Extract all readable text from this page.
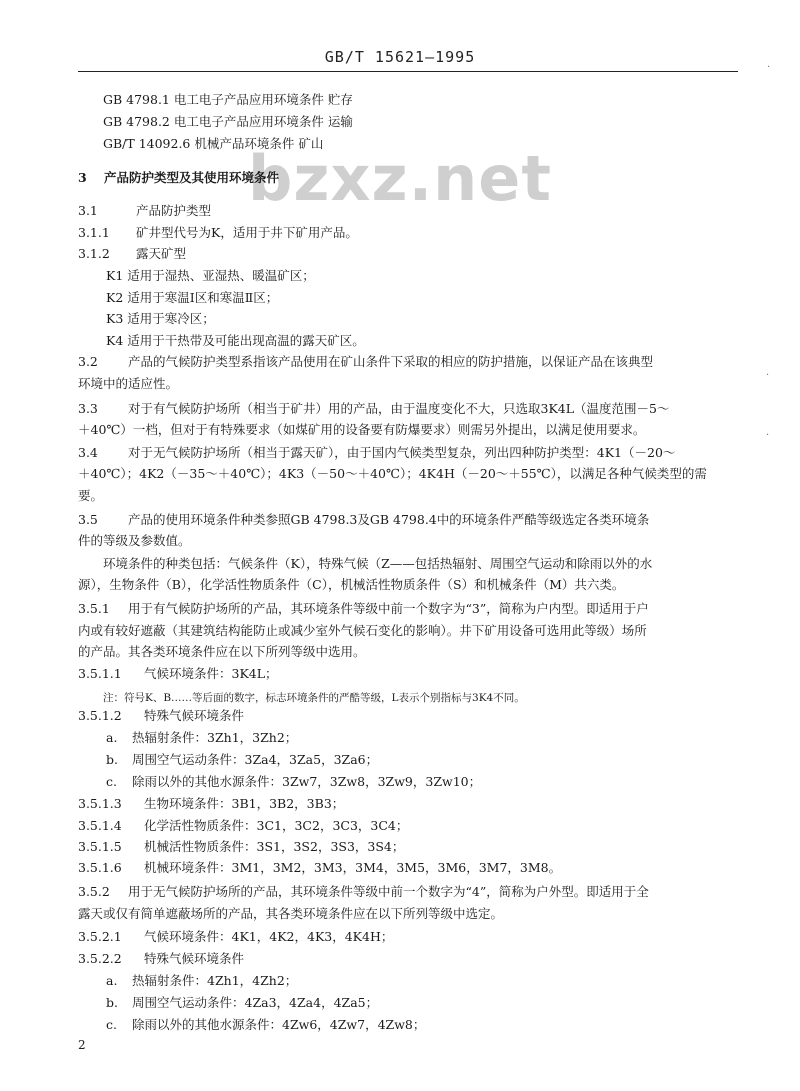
GB/T 15621—1995
bzxz.net
GB 4798.1 电工电子产品应用环境条件 贮存
GB 4798.2 电工电子产品应用环境条件 运输
GB/T 14092.6 机械产品环境条件 矿山
3 产品防护类型及其使用环境条件
3.1	产品防护类型
3.1.1 矿井型代号为K，适用于井下矿用产品。
3.1.2 露天矿型
K1 适用于湿热、亚湿热、暖温矿区；
K2 适用于寒温Ⅰ区和寒温Ⅱ区；
K3 适用于寒冷区；
K4 适用于干热带及可能出现高温的露天矿区。
3.2 产品的气候防护类型系指该产品使用在矿山条件下采取的相应的防护措施，以保证产品在该典型
环境中的适应性。
3.3 对于有气候防护场所（相当于矿井）用的产品，由于温度变化不大，只选取3K4L（温度范围－5～
＋40℃）一档，但对于有特殊要求（如煤矿用的设备要有防爆要求）则需另外提出，以满足使用要求。
3.4 对于无气候防护场所（相当于露天矿），由于国内气候类型复杂，列出四种防护类型：4K1（－20～
＋40℃）；4K2（－35～＋40℃）；4K3（－50～＋40℃）；4K4H（－20～＋55℃），以满足各种气候类型的需
要。
3.5 产品的使用环境条件种类参照GB 4798.3及GB 4798.4中的环境条件严酷等级选定各类环境条
件的等级及参数值。
环境条件的种类包括：气候条件（K），特殊气候（Z——包括热辐射、周围空气运动和除雨以外的水
源），生物条件（B），化学活性物质条件（C），机械活性物质条件（S）和机械条件（M）共六类。
3.5.1 用于有气候防护场所的产品，其环境条件等级中前一个数字为“3”，简称为户内型。即适用于户
内或有较好遮蔽（其建筑结构能防止或减少室外气候石变化的影响）。井下矿用设备可选用此等级）场所
的产品。其各类环境条件应在以下所列等级中选用。
3.5.1.1 气候环境条件：3K4L；
注：符号K、B……等后面的数字，标志环境条件的严酷等级，L表示个别指标与3K4不同。
3.5.1.2 特殊气候环境条件
a. 热辐射条件：3Zh1，3Zh2；
b. 周围空气运动条件：3Za4，3Za5，3Za6；
c. 除雨以外的其他水源条件：3Zw7，3Zw8，3Zw9，3Zw10；
3.5.1.3 生物环境条件：3B1，3B2，3B3；
3.5.1.4 化学活性物质条件：3C1，3C2，3C3，3C4；
3.5.1.5 机械活性物质条件：3S1，3S2，3S3，3S4；
3.5.1.6 机械环境条件：3M1，3M2，3M3，3M4，3M5，3M6，3M7，3M8。
3.5.2 用于无气候防护场所的产品，其环境条件等级中前一个数字为“4”，简称为户外型。即适用于全
露天或仅有简单遮蔽场所的产品，其各类环境条件应在以下所列等级中选定。
3.5.2.1 气候环境条件：4K1，4K2，4K3，4K4H；
3.5.2.2 特殊气候环境条件
a. 热辐射条件：4Zh1，4Zh2；
b. 周围空气运动条件：4Za3，4Za4，4Za5；
c. 除雨以外的其他水源条件：4Zw6，4Zw7，4Zw8；
2
·
·
·
